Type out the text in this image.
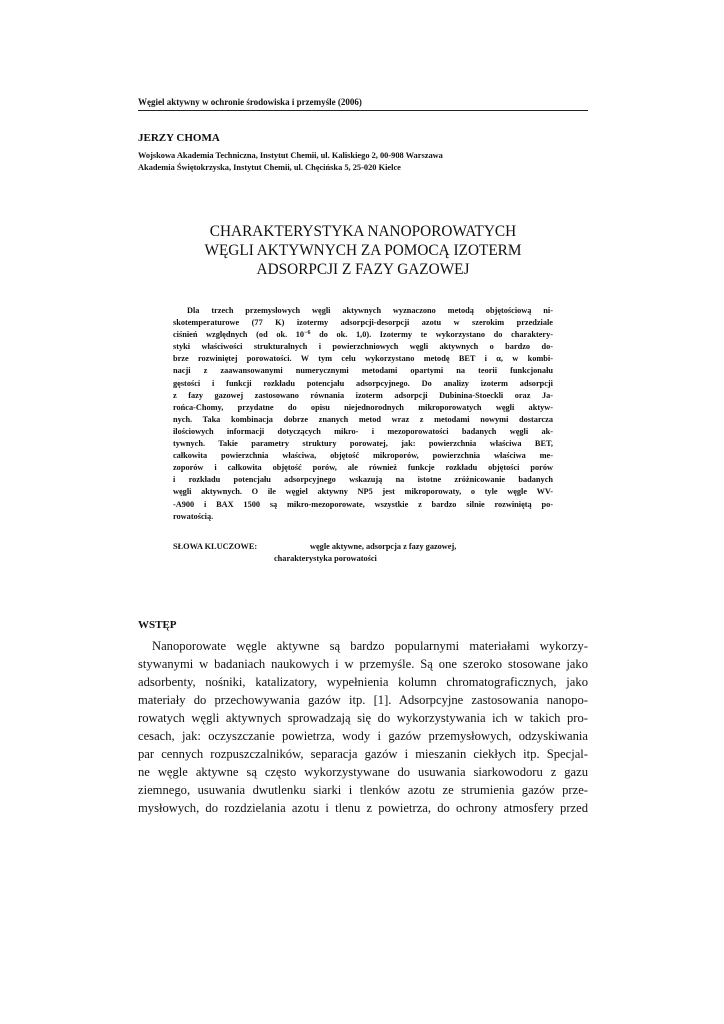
Węgiel aktywny w ochronie środowiska i przemyśle (2006)
JERZY CHOMA
Wojskowa Akademia Techniczna, Instytut Chemii, ul. Kaliskiego 2, 00-908 Warszawa
Akademia Świętokrzyska, Instytut Chemii, ul. Chęcińska 5, 25-020 Kielce
CHARAKTERYSTYKA NANOPOROWATYCH
WĘGLI AKTYWNYCH ZA POMOCĄ IZOTERM
ADSORPCJI Z FAZY GAZOWEJ
Dla trzech przemysłowych węgli aktywnych wyznaczono metodą objętościową ni-
skotemperaturowe (77 K) izotermy adsorpcji-desorpcji azotu w szerokim przedziale
ciśnień względnych (od ok. $10^{-6}$ do ok. 1,0). Izotermy te wykorzystano do charaktery-
styki właściwości strukturalnych i powierzchniowych węgli aktywnych o bardzo do-
brze rozwiniętej porowatości. W tym celu wykorzystano metodę BET i α, w kombi-
nacji z zaawansowanymi numerycznymi metodami opartymi na teorii funkcjonału
gęstości i funkcji rozkładu potencjału adsorpcyjnego. Do analizy izoterm adsorpcji
z fazy gazowej zastosowano równania izoterm adsorpcji Dubinina-Stoeckli oraz Ja-
rońca-Chomy, przydatne do opisu niejednorodnych mikroporowatych węgli aktyw-
nych. Taka kombinacja dobrze znanych metod wraz z metodami nowymi dostarcza
ilościowych informacji dotyczących mikro- i mezoporowatości badanych węgli ak-
tywnych. Takie parametry struktury porowatej, jak: powierzchnia właściwa BET,
całkowita powierzchnia właściwa, objętość mikroporów, powierzchnia właściwa me-
zoporów i całkowita objętość porów, ale również funkcje rozkładu objętości porów
i rozkładu potencjału adsorpcyjnego wskazują na istotne zróżnicowanie badanych
węgli aktywnych. O ile węgiel aktywny NP5 jest mikroporowaty, o tyle węgle WV-
-A900 i BAX 1500 są mikro-mezoporowate, wszystkie z bardzo silnie rozwiniętą po-
rowatością.
SŁOWA KLUCZOWE:	węgle aktywne, adsorpcja z fazy gazowej,
charakterystyka porowatości
WSTĘP
Nanoporowate węgle aktywne są bardzo popularnymi materiałami wykorzy-
stywanymi w badaniach naukowych i w przemyśle. Są one szeroko stosowane jako
adsorbenty, nośniki, katalizatory, wypełnienia kolumn chromatograficznych, jako
materiały do przechowywania gazów itp. [1]. Adsorpcyjne zastosowania nanopo-
rowatych węgli aktywnych sprowadzają się do wykorzystywania ich w takich pro-
cesach, jak: oczyszczanie powietrza, wody i gazów przemysłowych, odzyskiwania
par cennych rozpuszczalników, separacja gazów i mieszanin ciekłych itp. Specjal-
ne węgle aktywne są często wykorzystywane do usuwania siarkowodoru z gazu
ziemnego, usuwania dwutlenku siarki i tlenków azotu ze strumienia gazów prze-
mysłowych, do rozdzielania azotu i tlenu z powietrza, do ochrony atmosfery przed
